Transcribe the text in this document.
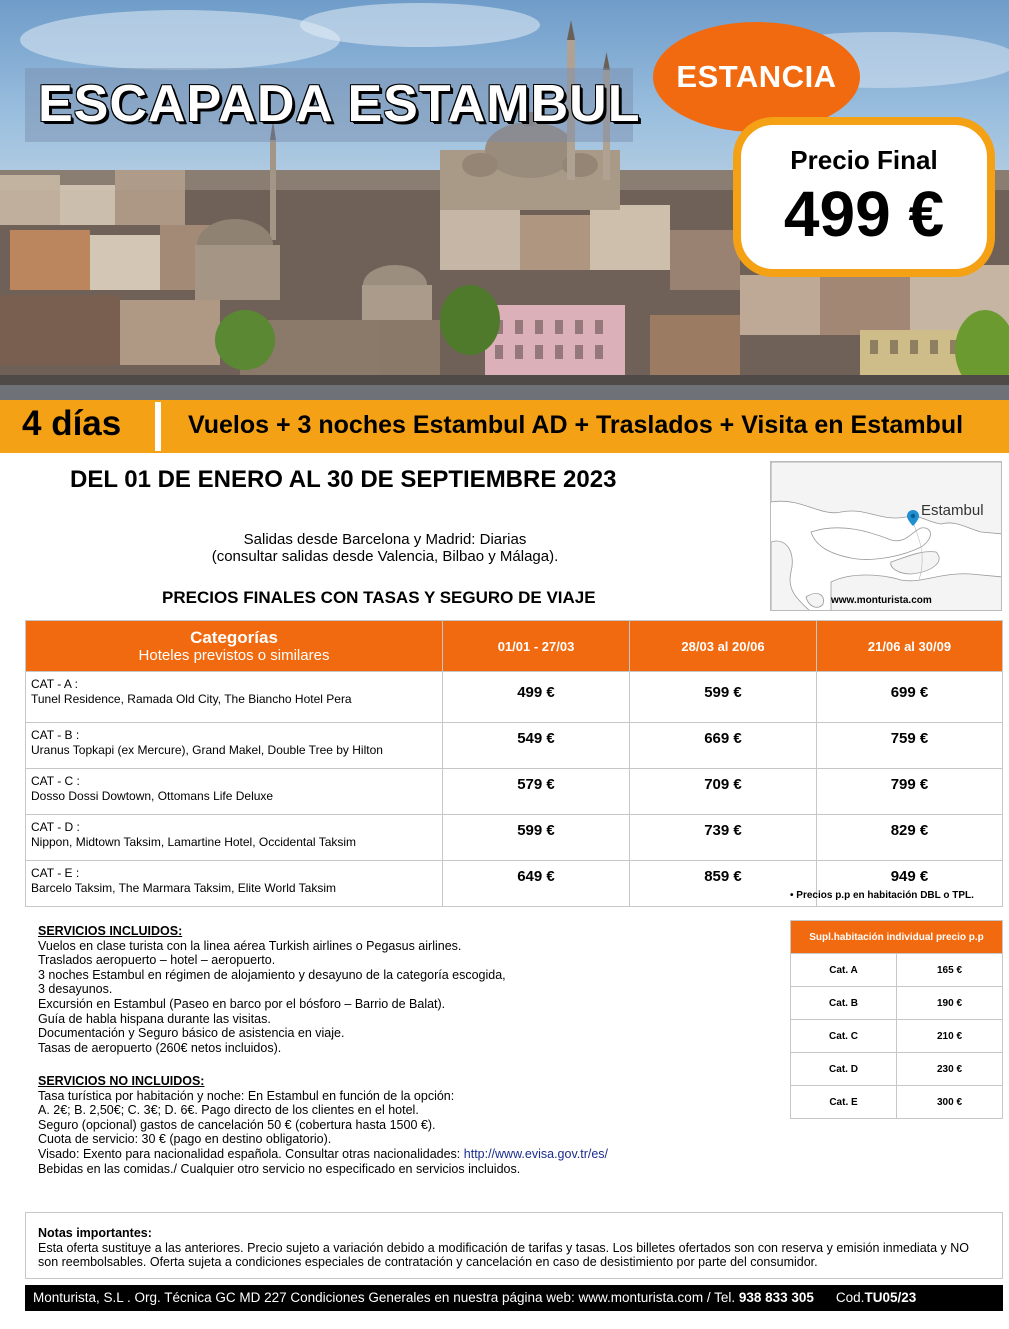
ESCAPADA ESTAMBUL	ESTANCIA
Precio Final
499 €
4 días	Vuelos + 3 noches Estambul AD + Traslados + Visita en Estambul
DEL 01 DE ENERO AL 30 DE SEPTIEMBRE 2023
Salidas desde Barcelona y Madrid: Diarias
(consultar salidas desde Valencia, Bilbao y Málaga).
PRECIOS FINALES CON TASAS Y SEGURO DE VIAJE
Estambul
www.monturista.com
Categorías
Hoteles previstos o similares	01/01 - 27/03	28/03 al 20/06	21/06 al 30/09

CAT - A :
Tunel Residence, Ramada Old City, The Biancho Hotel Pera	499 €	599 €	699 €

CAT - B :
Uranus Topkapi (ex Mercure), Grand Makel, Double Tree by Hilton	549 €	669 €	759 €

CAT - C :
Dosso Dossi Dowtown, Ottomans Life Deluxe	579 €	709 €	799 €

CAT - D :
Nippon, Midtown Taksim, Lamartine Hotel, Occidental Taksim	599 €	739 €	829 €

CAT - E :
Barcelo Taksim, The Marmara Taksim, Elite World Taksim	649 €	859 €	949 €
• Precios p.p en habitación DBL o TPL.
SERVICIOS INCLUIDOS:
Vuelos en clase turista con la linea aérea Turkish airlines o Pegasus airlines.
Traslados aeropuerto – hotel – aeropuerto.
3 noches Estambul en régimen de alojamiento y desayuno de la categoría escogida,
3 desayunos.
Excursión en Estambul (Paseo en barco por el bósforo – Barrio de Balat).
Guía de habla hispana durante las visitas.
Documentación y Seguro básico de asistencia en viaje.
Tasas de aeropuerto (260€ netos incluidos).
SERVICIOS NO INCLUIDOS:
Tasa turística por habitación y noche: En Estambul en función de la opción:
A. 2€; B. 2,50€; C. 3€; D. 6€. Pago directo de los clientes en el hotel.
Seguro (opcional) gastos de cancelación 50 € (cobertura hasta 1500 €).
Cuota de servicio: 30 € (pago en destino obligatorio).
Visado: Exento para nacionalidad española. Consultar otras nacionalidades: http://www.evisa.gov.tr/es/
Bebidas en las comidas./ Cualquier otro servicio no especificado en servicios incluidos.
Supl.habitación individual precio p.p	
Cat. A	165 €
Cat. B	190 €
Cat. C	210 €
Cat. D	230 €
Cat. E	300 €
Notas importantes:
Esta oferta sustituye a las anteriores. Precio sujeto a variación debido a modificación de tarifas y tasas. Los billetes ofertados son con reserva y emisión inmediata y NO son reembolsables. Oferta sujeta a condiciones especiales de contratación y cancelación en caso de desistimiento por parte del consumidor.
Monturista, S.L . Org. Técnica GC MD 227 Condiciones Generales en nuestra página web: www.monturista.com / Tel. 938 833 305 Cod.TU05/23
